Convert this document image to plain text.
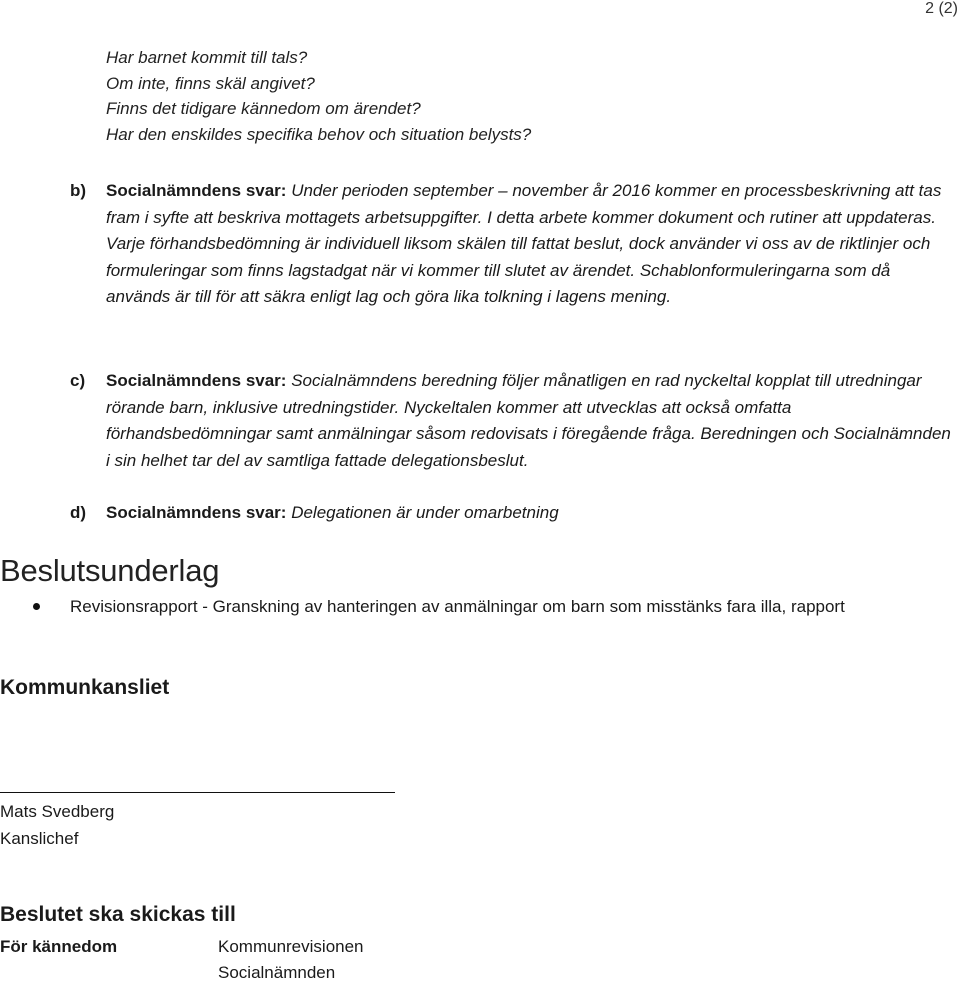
2 (2)
Har barnet kommit till tals?
Om inte, finns skäl angivet?
Finns det tidigare kännedom om ärendet?
Har den enskildes specifika behov och situation belysts?
b) Socialnämndens svar: Under perioden september – november år 2016 kommer en processbeskrivning att tas fram i syfte att beskriva mottagets arbetsuppgifter. I detta arbete kommer dokument och rutiner att uppdateras. Varje förhandsbedömning är individuell liksom skälen till fattat beslut, dock använder vi oss av de riktlinjer och formuleringar som finns lagstadgat när vi kommer till slutet av ärendet. Schablonformuleringarna som då används är till för att säkra enligt lag och göra lika tolkning i lagens mening.
c) Socialnämndens svar: Socialnämndens beredning följer månatligen en rad nyckeltal kopplat till utredningar rörande barn, inklusive utredningstider. Nyckeltalen kommer att utvecklas att också omfatta förhandsbedömningar samt anmälningar såsom redovisats i föregående fråga. Beredningen och Socialnämnden i sin helhet tar del av samtliga fattade delegationsbeslut.
d) Socialnämndens svar: Delegationen är under omarbetning
Beslutsunderlag
Revisionsrapport - Granskning av hanteringen av anmälningar om barn som misstänks fara illa, rapport
Kommunkansliet
Mats Svedberg
Kanslichef
Beslutet ska skickas till
För kännedom	Kommunrevisionen
Socialnämnden
